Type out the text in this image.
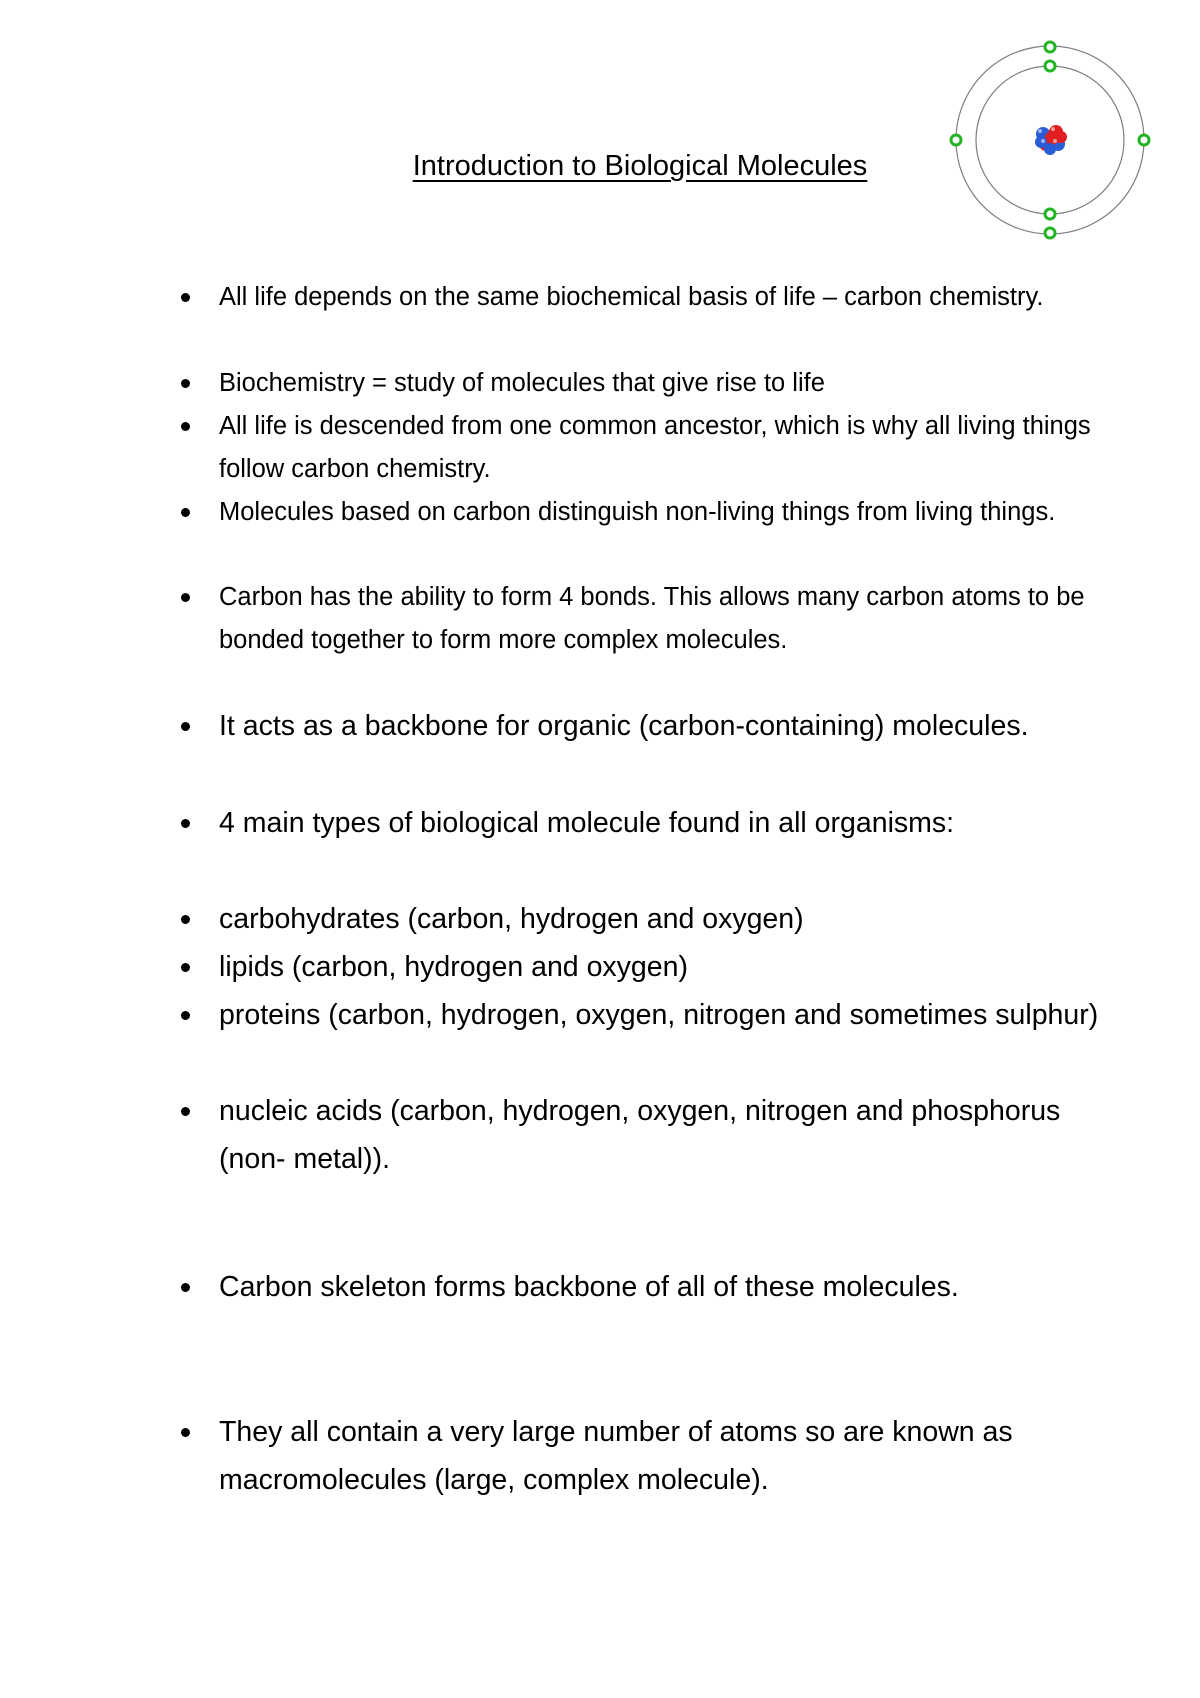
Introduction to Biological Molecules
All life depends on the same biochemical basis of life – carbon chemistry.
Biochemistry = study of molecules that give rise to life
All life is descended from one common ancestor, which is why all living things follow carbon chemistry.
Molecules based on carbon distinguish non-living things from living things.
Carbon has the ability to form 4 bonds. This allows many carbon atoms to be bonded together to form more complex molecules.
It acts as a backbone for organic (carbon-containing) molecules.
4 main types of biological molecule found in all organisms:
carbohydrates (carbon, hydrogen and oxygen)
lipids (carbon, hydrogen and oxygen)
proteins (carbon, hydrogen, oxygen, nitrogen and sometimes sulphur)
nucleic acids (carbon, hydrogen, oxygen, nitrogen and phosphorus (non- metal)).
Carbon skeleton forms backbone of all of these molecules.
They all contain a very large number of atoms so are known as macromolecules (large, complex molecule).
